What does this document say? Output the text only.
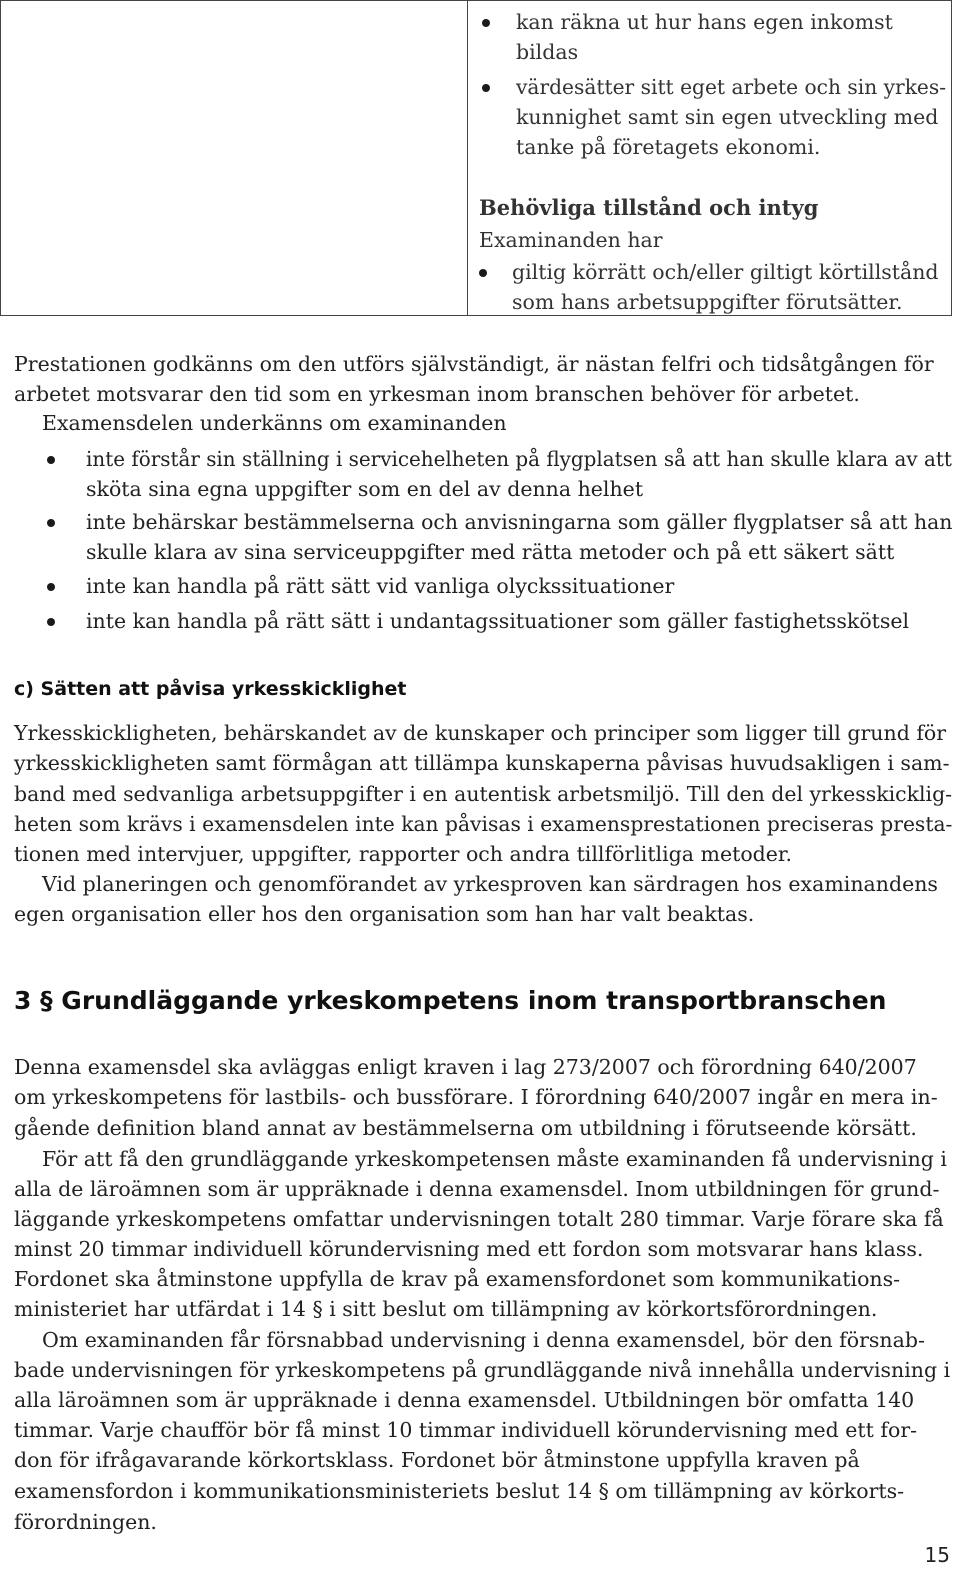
kan räkna ut hur hans egen inkomst
bildas
värdesätter sitt eget arbete och sin yrkes-
kunnighet samt sin egen utveckling med
tanke på företagets ekonomi.
Behövliga tillstånd och intyg
Examinanden har
giltig körrätt och/eller giltigt körtillstånd
som hans arbetsuppgifter förutsätter.
Prestationen godkänns om den utförs självständigt, är nästan felfri och tidsåtgången för
arbetet motsvarar den tid som en yrkesman inom branschen behöver för arbetet.
Examensdelen underkänns om examinanden
inte förstår sin ställning i servicehelheten på flygplatsen så att han skulle klara av att
sköta sina egna uppgifter som en del av denna helhet
inte behärskar bestämmelserna och anvisningarna som gäller flygplatser så att han
skulle klara av sina serviceuppgifter med rätta metoder och på ett säkert sätt
inte kan handla på rätt sätt vid vanliga olyckssituationer
inte kan handla på rätt sätt i undantagssituationer som gäller fastighetsskötsel
c) Sätten att påvisa yrkesskicklighet
Yrkesskickligheten, behärskandet av de kunskaper och principer som ligger till grund för
yrkesskickligheten samt förmågan att tillämpa kunskaperna påvisas huvudsakligen i sam-
band med sedvanliga arbetsuppgifter i en autentisk arbetsmiljö. Till den del yrkesskicklig-
heten som krävs i examensdelen inte kan påvisas i examensprestationen preciseras presta-
tionen med intervjuer, uppgifter, rapporter och andra tillförlitliga metoder.
Vid planeringen och genomförandet av yrkesproven kan särdragen hos examinandens
egen organisation eller hos den organisation som han har valt beaktas.
3 § Grundläggande yrkeskompetens inom transportbranschen
Denna examensdel ska avläggas enligt kraven i lag 273/2007 och förordning 640/2007
om yrkeskompetens för lastbils- och bussförare. I förordning 640/2007 ingår en mera in-
gående definition bland annat av bestämmelserna om utbildning i förutseende körsätt.
För att få den grundläggande yrkeskompetensen måste examinanden få undervisning i
alla de läroämnen som är uppräknade i denna examensdel. Inom utbildningen för grund-
läggande yrkeskompetens omfattar undervisningen totalt 280 timmar. Varje förare ska få
minst 20 timmar individuell körundervisning med ett fordon som motsvarar hans klass.
Fordonet ska åtminstone uppfylla de krav på examensfordonet som kommunikations-
ministeriet har utfärdat i 14 § i sitt beslut om tillämpning av körkortsförordningen.
Om examinanden får försnabbad undervisning i denna examensdel, bör den försnab-
bade undervisningen för yrkeskompetens på grundläggande nivå innehålla undervisning i
alla läroämnen som är uppräknade i denna examensdel. Utbildningen bör omfatta 140
timmar. Varje chaufför bör få minst 10 timmar individuell körundervisning med ett for-
don för ifrågavarande körkortsklass. Fordonet bör åtminstone uppfylla kraven på
examensfordon i kommunikationsministeriets beslut 14 § om tillämpning av körkorts-
förordningen.
15
